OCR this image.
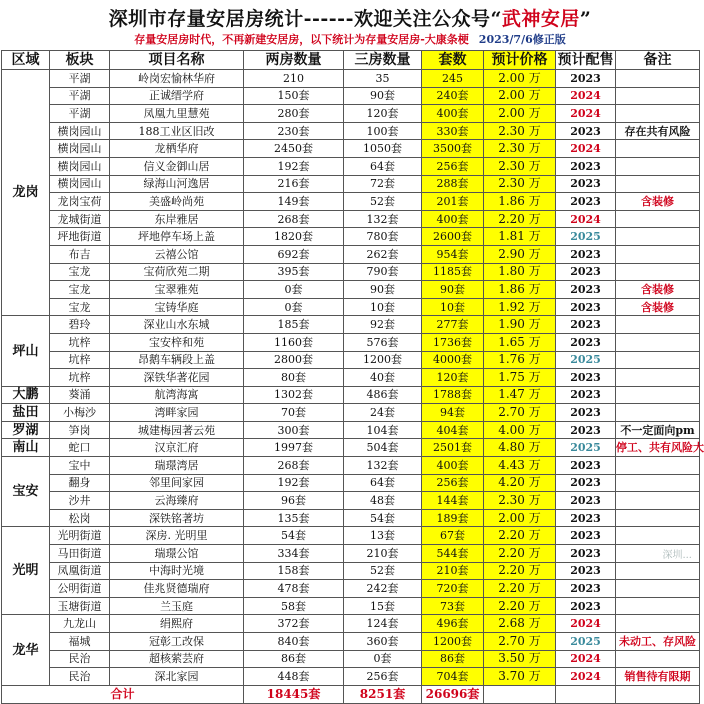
深圳市存量安居房统计------欢迎关注公众号“武神安居”
存量安居房时代，不再新建安居房，以下统计为存量安居房-大康条梗 2023/7/6修正版
区域	板块	项目名称	两房数量	三房数量	套数	预计价格	预计配售	备注
龙岗	平湖	岭岗宏愉林华府	210	35	245	2.00 万	2023	
	平湖	正诚缙学府	150套	90套	240套	2.00 万	2024	
	平湖	凤凰九里慧苑	280套	120套	400套	2.00 万	2024	
	横岗园山	188工业区旧改	230套	100套	330套	2.30 万	2023	存在共有风险
	横岗园山	龙栖华府	2450套	1050套	3500套	2.30 万	2024	
	横岗园山	信义金御山居	192套	64套	256套	2.30 万	2023	
	横岗园山	绿海山河逸居	216套	72套	288套	2.30 万	2023	
	龙岗宝荷	美盛岭尚苑	149套	52套	201套	1.86 万	2023	含装修
	龙城街道	东岸雅居	268套	132套	400套	2.20 万	2024	
	坪地街道	坪地停车场上盖	1820套	780套	2600套	1.81 万	2025	
	布吉	云禧公馆	692套	262套	954套	2.90 万	2023	
	宝龙	宝荷欣苑二期	395套	790套	1185套	1.80 万	2023	
	宝龙	宝翠雅苑	0套	90套	90套	1.86 万	2023	含装修
	宝龙	宝铸华庭	0套	10套	10套	1.92 万	2023	含装修
坪山	碧玲	深业山水东城	185套	92套	277套	1.90 万	2023	
	坑梓	宝安梓和苑	1160套	576套	1736套	1.65 万	2023	
	坑梓	昂鹅车辆段上盖	2800套	1200套	4000套	1.76 万	2025	
	坑梓	深铁华著花园	80套	40套	120套	1.75 万	2023	
大鹏	葵涌	航湾海寓	1302套	486套	1788套	1.47 万	2023	
盐田	小梅沙	湾畔家园	70套	24套	94套	2.70 万	2023	
罗湖	笋岗	城建梅园著云苑	300套	104套	404套	4.00 万	2023	不一定面向pm
南山	蛇口	汉京汇府	1997套	504套	2501套	4.80 万	2025	停工、共有风险大
宝安	宝中	瑞璟湾居	268套	132套	400套	4.43 万	2023	
	翻身	邻里间家园	192套	64套	256套	4.20 万	2023	
	沙井	云海臻府	96套	48套	144套	2.30 万	2023	
	松岗	深铁铭著坊	135套	54套	189套	2.00 万	2023	
光明	光明街道	深房. 光明里	54套	13套	67套	2.20 万	2023	
	马田街道	瑞璟公馆	334套	210套	544套	2.20 万	2023	
	凤凰街道	中海时光境	158套	52套	210套	2.20 万	2023	
	公明街道	佳兆贤德瑞府	478套	242套	720套	2.20 万	2023	
	玉塘街道	兰玉庭	58套	15套	73套	2.20 万	2023	
龙华	九龙山	绢熙府	372套	124套	496套	2.68 万	2024	
	福城	冠彰工改保	840套	360套	1200套	2.70 万	2025	未动工、存风险
	民治	超核萦芸府	86套	0套	86套	3.50 万	2024	
	民治	深北家园	448套	256套	704套	3.70 万	2024	销售待有限期
合计			18445套	8251套	26696套			
深圳...
